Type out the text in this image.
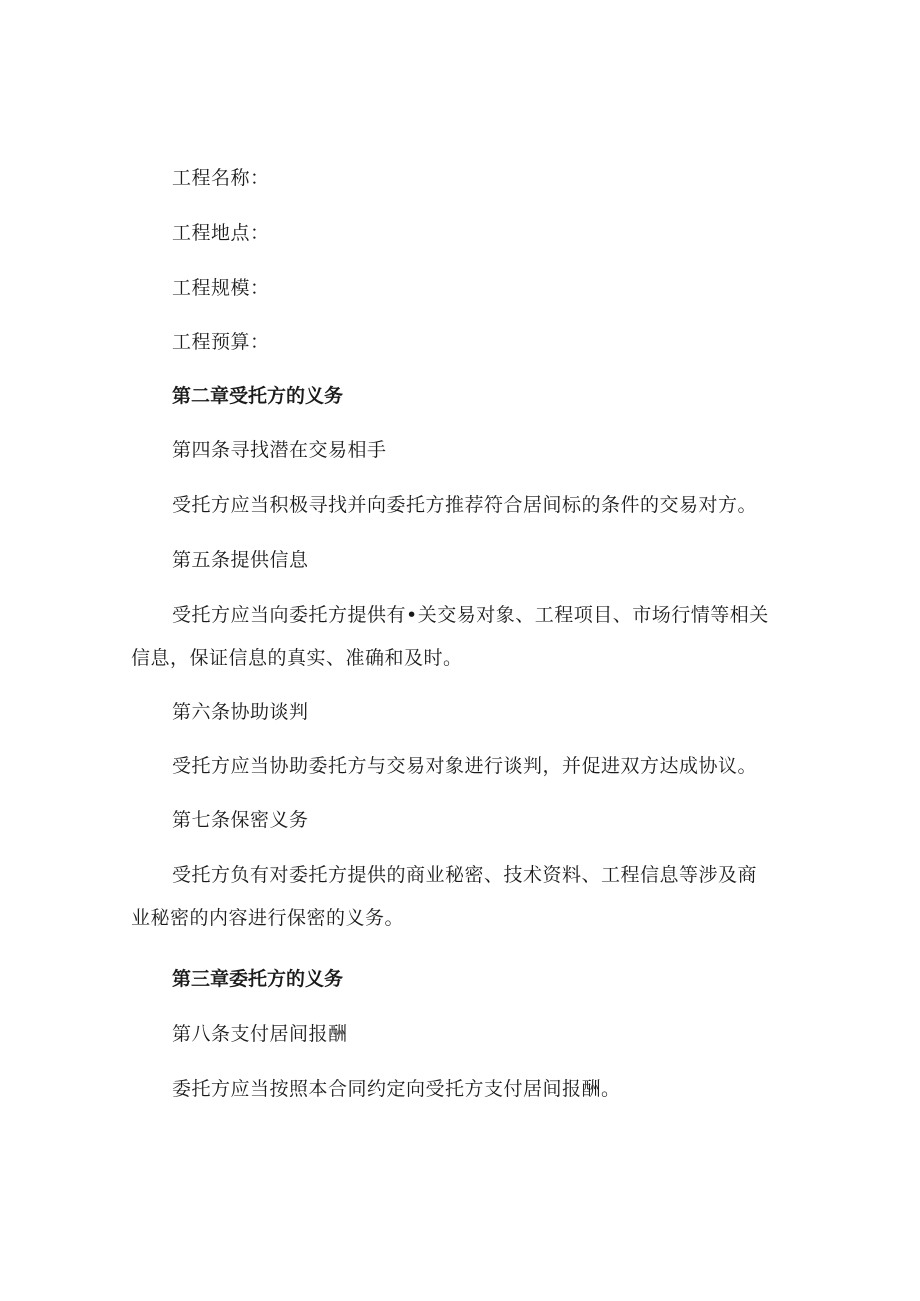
工程名称：
工程地点：
工程规模：
工程预算：
第二章受托方的义务
第四条寻找潜在交易相手
受托方应当积极寻找并向委托方推荐符合居间标的条件的交易对方。
第五条提供信息
受托方应当向委托方提供有•关交易对象、工程项目、市场行情等相关
信息，保证信息的真实、准确和及时。
第六条协助谈判
受托方应当协助委托方与交易对象进行谈判，并促进双方达成协议。
第七条保密义务
受托方负有对委托方提供的商业秘密、技术资料、工程信息等涉及商
业秘密的内容进行保密的义务。
第三章委托方的义务
第八条支付居间报酬
委托方应当按照本合同约定向受托方支付居间报酬。
